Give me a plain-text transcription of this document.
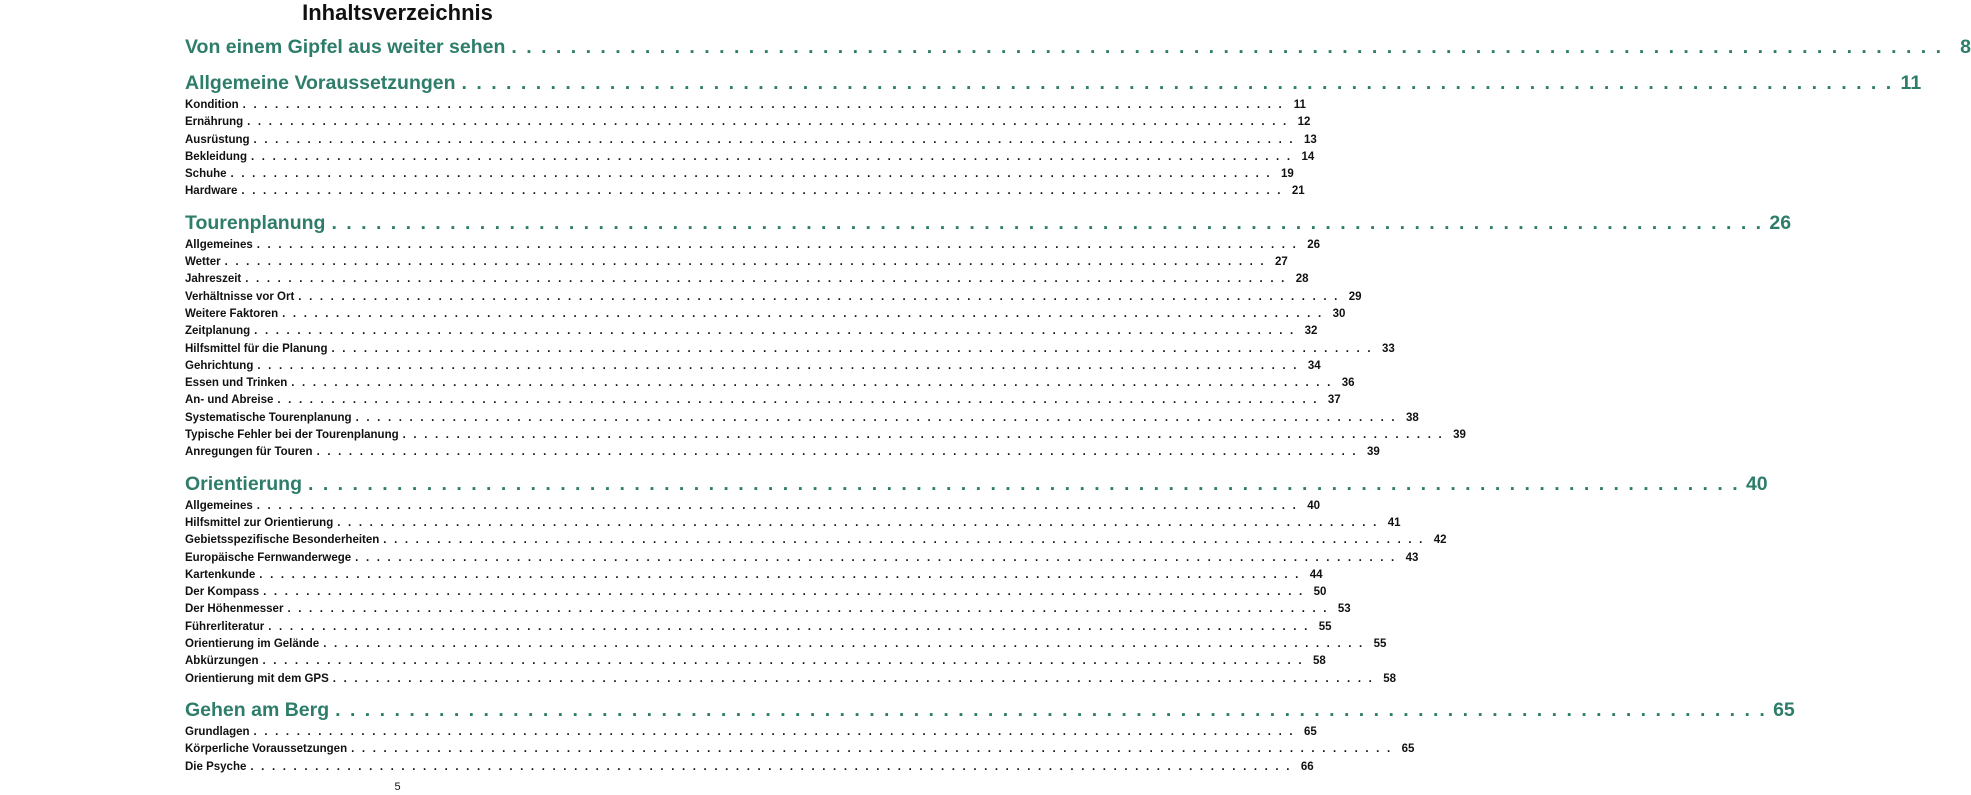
Inhaltsverzeichnis
Von einem Gipfel aus weiter sehen . . . . . . . . . . . . . . . . . . . . . . . . . . . . . . . . . . . . . . . . . . . . . . . . . . . . . . . . . . . . . . . . . . . . . . . . . . . . . . . . . . . . . . . . . . . . . . . . . 8
Allgemeine Voraussetzungen . . . . . . . . . . . . . . . . . . . . . . . . . . . . . . . . . . . . . . . . . . . . . . . . . . . . . . . . . . . . . . . . . . . . . . . . . . . . . . . . . . . . . . . . . . . . . . . . . 11
Kondition . . . . . . . . . . . . . . . . . . . . . . . . . . . . . . . . . . . . . . . . . . . . . . . . . . . . . . . . . . . . . . . . . . . . . . . . . . . . . . . . . . . . . . . . . . . . . . . . . 11
Ernährung . . . . . . . . . . . . . . . . . . . . . . . . . . . . . . . . . . . . . . . . . . . . . . . . . . . . . . . . . . . . . . . . . . . . . . . . . . . . . . . . . . . . . . . . . . . . . . . . . 12
Ausrüstung . . . . . . . . . . . . . . . . . . . . . . . . . . . . . . . . . . . . . . . . . . . . . . . . . . . . . . . . . . . . . . . . . . . . . . . . . . . . . . . . . . . . . . . . . . . . . . . . . 13
Bekleidung . . . . . . . . . . . . . . . . . . . . . . . . . . . . . . . . . . . . . . . . . . . . . . . . . . . . . . . . . . . . . . . . . . . . . . . . . . . . . . . . . . . . . . . . . . . . . . . . . 14
Schuhe . . . . . . . . . . . . . . . . . . . . . . . . . . . . . . . . . . . . . . . . . . . . . . . . . . . . . . . . . . . . . . . . . . . . . . . . . . . . . . . . . . . . . . . . . . . . . . . . . 19
Hardware . . . . . . . . . . . . . . . . . . . . . . . . . . . . . . . . . . . . . . . . . . . . . . . . . . . . . . . . . . . . . . . . . . . . . . . . . . . . . . . . . . . . . . . . . . . . . . . . . 21
Tourenplanung . . . . . . . . . . . . . . . . . . . . . . . . . . . . . . . . . . . . . . . . . . . . . . . . . . . . . . . . . . . . . . . . . . . . . . . . . . . . . . . . . . . . . . . . . . . . . . . . . 26
Allgemeines . . . . . . . . . . . . . . . . . . . . . . . . . . . . . . . . . . . . . . . . . . . . . . . . . . . . . . . . . . . . . . . . . . . . . . . . . . . . . . . . . . . . . . . . . . . . . . . . . 26
Wetter . . . . . . . . . . . . . . . . . . . . . . . . . . . . . . . . . . . . . . . . . . . . . . . . . . . . . . . . . . . . . . . . . . . . . . . . . . . . . . . . . . . . . . . . . . . . . . . . . 27
Jahreszeit . . . . . . . . . . . . . . . . . . . . . . . . . . . . . . . . . . . . . . . . . . . . . . . . . . . . . . . . . . . . . . . . . . . . . . . . . . . . . . . . . . . . . . . . . . . . . . . . . 28
Verhältnisse vor Ort . . . . . . . . . . . . . . . . . . . . . . . . . . . . . . . . . . . . . . . . . . . . . . . . . . . . . . . . . . . . . . . . . . . . . . . . . . . . . . . . . . . . . . . . . . . . . . . . . 29
Weitere Faktoren . . . . . . . . . . . . . . . . . . . . . . . . . . . . . . . . . . . . . . . . . . . . . . . . . . . . . . . . . . . . . . . . . . . . . . . . . . . . . . . . . . . . . . . . . . . . . . . . . 30
Zeitplanung . . . . . . . . . . . . . . . . . . . . . . . . . . . . . . . . . . . . . . . . . . . . . . . . . . . . . . . . . . . . . . . . . . . . . . . . . . . . . . . . . . . . . . . . . . . . . . . . . 32
Hilfsmittel für die Planung . . . . . . . . . . . . . . . . . . . . . . . . . . . . . . . . . . . . . . . . . . . . . . . . . . . . . . . . . . . . . . . . . . . . . . . . . . . . . . . . . . . . . . . . . . . . . . . . . 33
Gehrichtung . . . . . . . . . . . . . . . . . . . . . . . . . . . . . . . . . . . . . . . . . . . . . . . . . . . . . . . . . . . . . . . . . . . . . . . . . . . . . . . . . . . . . . . . . . . . . . . . . 34
Essen und Trinken . . . . . . . . . . . . . . . . . . . . . . . . . . . . . . . . . . . . . . . . . . . . . . . . . . . . . . . . . . . . . . . . . . . . . . . . . . . . . . . . . . . . . . . . . . . . . . . . . 36
An- und Abreise . . . . . . . . . . . . . . . . . . . . . . . . . . . . . . . . . . . . . . . . . . . . . . . . . . . . . . . . . . . . . . . . . . . . . . . . . . . . . . . . . . . . . . . . . . . . . . . . . 37
Systematische Tourenplanung . . . . . . . . . . . . . . . . . . . . . . . . . . . . . . . . . . . . . . . . . . . . . . . . . . . . . . . . . . . . . . . . . . . . . . . . . . . . . . . . . . . . . . . . . . . . . . . . . 38
Typische Fehler bei der Tourenplanung . . . . . . . . . . . . . . . . . . . . . . . . . . . . . . . . . . . . . . . . . . . . . . . . . . . . . . . . . . . . . . . . . . . . . . . . . . . . . . . . . . . . . . . . . . . . . . . . . 39
Anregungen für Touren . . . . . . . . . . . . . . . . . . . . . . . . . . . . . . . . . . . . . . . . . . . . . . . . . . . . . . . . . . . . . . . . . . . . . . . . . . . . . . . . . . . . . . . . . . . . . . . . . 39
Orientierung . . . . . . . . . . . . . . . . . . . . . . . . . . . . . . . . . . . . . . . . . . . . . . . . . . . . . . . . . . . . . . . . . . . . . . . . . . . . . . . . . . . . . . . . . . . . . . . . . 40
Allgemeines . . . . . . . . . . . . . . . . . . . . . . . . . . . . . . . . . . . . . . . . . . . . . . . . . . . . . . . . . . . . . . . . . . . . . . . . . . . . . . . . . . . . . . . . . . . . . . . . . 40
Hilfsmittel zur Orientierung . . . . . . . . . . . . . . . . . . . . . . . . . . . . . . . . . . . . . . . . . . . . . . . . . . . . . . . . . . . . . . . . . . . . . . . . . . . . . . . . . . . . . . . . . . . . . . . . . 41
Gebietsspezifische Besonderheiten . . . . . . . . . . . . . . . . . . . . . . . . . . . . . . . . . . . . . . . . . . . . . . . . . . . . . . . . . . . . . . . . . . . . . . . . . . . . . . . . . . . . . . . . . . . . . . . . . 42
Europäische Fernwanderwege . . . . . . . . . . . . . . . . . . . . . . . . . . . . . . . . . . . . . . . . . . . . . . . . . . . . . . . . . . . . . . . . . . . . . . . . . . . . . . . . . . . . . . . . . . . . . . . . . 43
Kartenkunde . . . . . . . . . . . . . . . . . . . . . . . . . . . . . . . . . . . . . . . . . . . . . . . . . . . . . . . . . . . . . . . . . . . . . . . . . . . . . . . . . . . . . . . . . . . . . . . . . 44
Der Kompass . . . . . . . . . . . . . . . . . . . . . . . . . . . . . . . . . . . . . . . . . . . . . . . . . . . . . . . . . . . . . . . . . . . . . . . . . . . . . . . . . . . . . . . . . . . . . . . . . 50
Der Höhenmesser . . . . . . . . . . . . . . . . . . . . . . . . . . . . . . . . . . . . . . . . . . . . . . . . . . . . . . . . . . . . . . . . . . . . . . . . . . . . . . . . . . . . . . . . . . . . . . . . . 53
Führerliteratur . . . . . . . . . . . . . . . . . . . . . . . . . . . . . . . . . . . . . . . . . . . . . . . . . . . . . . . . . . . . . . . . . . . . . . . . . . . . . . . . . . . . . . . . . . . . . . . . . 55
Orientierung im Gelände . . . . . . . . . . . . . . . . . . . . . . . . . . . . . . . . . . . . . . . . . . . . . . . . . . . . . . . . . . . . . . . . . . . . . . . . . . . . . . . . . . . . . . . . . . . . . . . . . 55
Abkürzungen . . . . . . . . . . . . . . . . . . . . . . . . . . . . . . . . . . . . . . . . . . . . . . . . . . . . . . . . . . . . . . . . . . . . . . . . . . . . . . . . . . . . . . . . . . . . . . . . . 58
Orientierung mit dem GPS . . . . . . . . . . . . . . . . . . . . . . . . . . . . . . . . . . . . . . . . . . . . . . . . . . . . . . . . . . . . . . . . . . . . . . . . . . . . . . . . . . . . . . . . . . . . . . . . . 58
Gehen am Berg . . . . . . . . . . . . . . . . . . . . . . . . . . . . . . . . . . . . . . . . . . . . . . . . . . . . . . . . . . . . . . . . . . . . . . . . . . . . . . . . . . . . . . . . . . . . . . . . . 65
Grundlagen . . . . . . . . . . . . . . . . . . . . . . . . . . . . . . . . . . . . . . . . . . . . . . . . . . . . . . . . . . . . . . . . . . . . . . . . . . . . . . . . . . . . . . . . . . . . . . . . . 65
Körperliche Voraussetzungen . . . . . . . . . . . . . . . . . . . . . . . . . . . . . . . . . . . . . . . . . . . . . . . . . . . . . . . . . . . . . . . . . . . . . . . . . . . . . . . . . . . . . . . . . . . . . . . . . 65
Die Psyche . . . . . . . . . . . . . . . . . . . . . . . . . . . . . . . . . . . . . . . . . . . . . . . . . . . . . . . . . . . . . . . . . . . . . . . . . . . . . . . . . . . . . . . . . . . . . . . . . 66
5
